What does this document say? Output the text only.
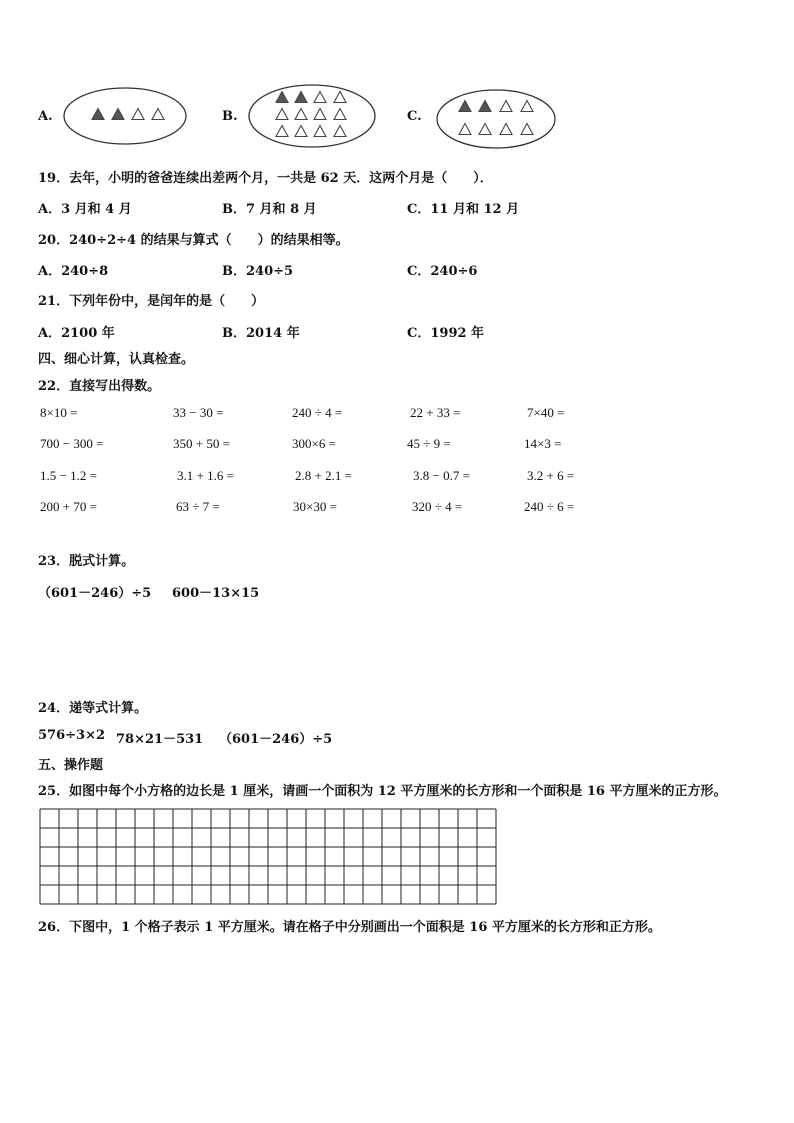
A.	B.	C.
19．去年，小明的爸爸连续出差两个月，一共是 62 天．这两个月是（　　）．
A．3 月和 4 月	B．7 月和 8 月	C．11 月和 12 月
20．240÷2÷4 的结果与算式（　　）的结果相等。
A．240÷8	B．240÷5	C．240÷6
21．下列年份中，是闰年的是（　　）
A．2100 年	B．2014 年	C．1992 年
四、细心计算，认真检查。
22．直接写出得数。
8×10 =	33 − 30 =	240 ÷ 4 =	22 + 33 =	7×40 =
700 − 300 =	350 + 50 =	300×6 =	45 ÷ 9 =	14×3 =
1.5 − 1.2 =	3.1 + 1.6 =	2.8 + 2.1 =	3.8 − 0.7 =	3.2 + 6 =
200 + 70 =	63 ÷ 7 =	30×30 =	320 ÷ 4 =	240 ÷ 6 =
23．脱式计算。
（601－246）÷5 600－13×15
24．递等式计算。
576÷3×2 78×21－531 （601－246）÷5
五、操作题
25．如图中每个小方格的边长是 1 厘米，请画一个面积为 12 平方厘米的长方形和一个面积是 16 平方厘米的正方形。
26．下图中，1 个格子表示 1 平方厘米。请在格子中分别画出一个面积是 16 平方厘米的长方形和正方形。
